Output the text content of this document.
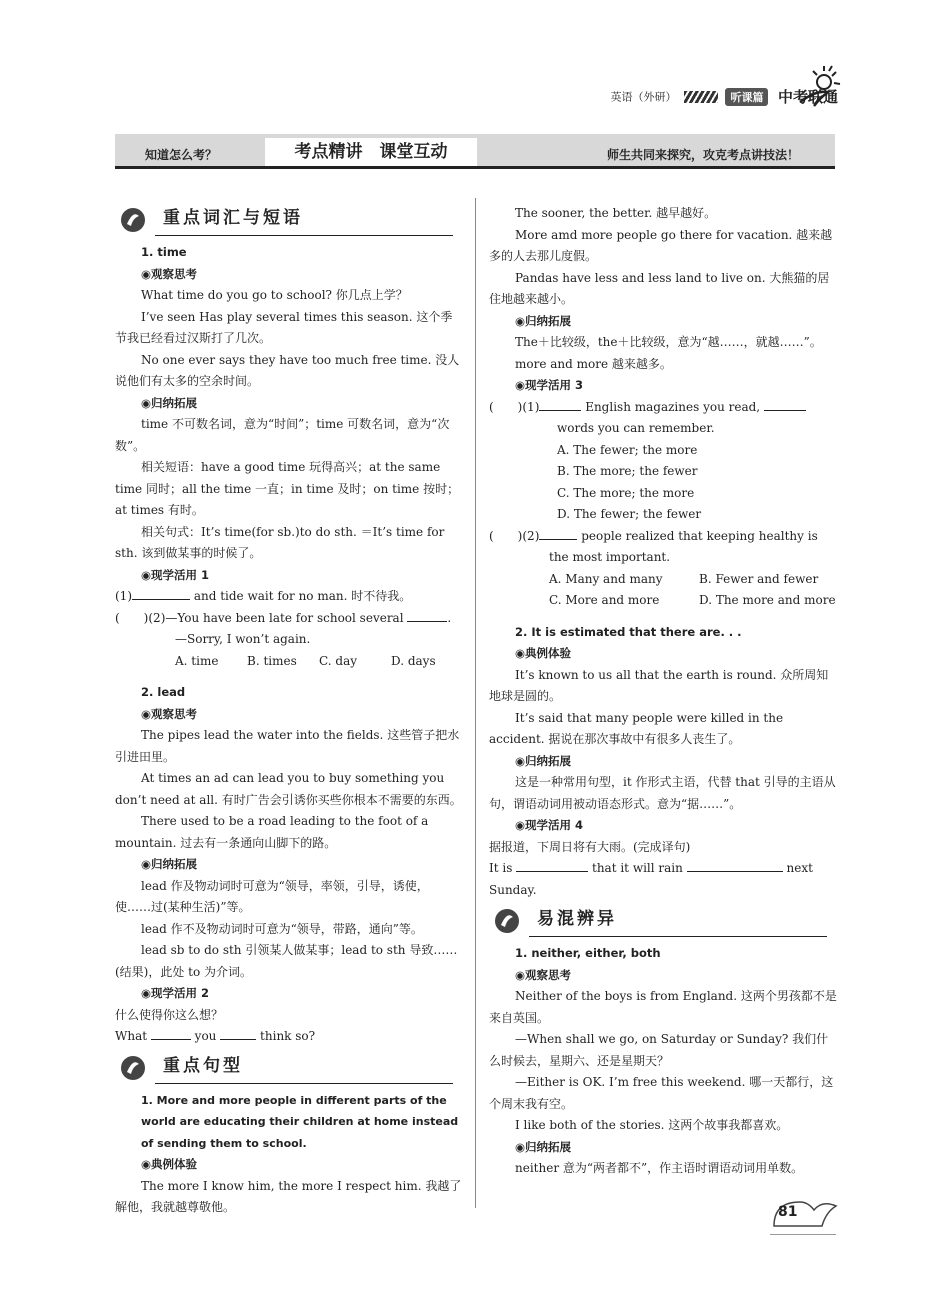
英语（外研）	听课篇 中考联通
知道怎么考？	考点精讲　课堂互动	师生共同来探究，攻克考点讲技法！
重点词汇与短语

1. time

◉观察思考

What time do you go to school? 你几点上学？

I’ve seen Has play several times this season. 这个季节我已经看过汉斯打了几次。

No one ever says they have too much free time. 没人说他们有太多的空余时间。

◉归纳拓展

time 不可数名词，意为“时间”；time 可数名词，意为“次数”。

相关短语：have a good time 玩得高兴；at the same time 同时；all the time 一直；in time 及时；on time 按时；at times 有时。

相关句式：It’s time(for sb.)to do sth. ＝It’s time for sth. 该到做某事的时候了。

◉现学活用 1

(1)	and tide wait for no man. 时不待我。

(　　)(2)—You have been late for school several	.

—Sorry, I won’t again.

A. time	B. times	C. day	D. days

2. lead

◉观察思考

The pipes lead the water into the fields. 这些管子把水引进田里。

At times an ad can lead you to buy something you don’t need at all. 有时广告会引诱你买些你根本不需要的东西。

There used to be a road leading to the foot of a mountain. 过去有一条通向山脚下的路。

◉归纳拓展

lead 作及物动词时可意为“领导，率领，引导，诱使，使……过(某种生活)”等。

lead 作不及物动词时可意为“领导，带路，通向”等。

lead sb to do sth 引领某人做某事；lead to sth 导致……(结果)，此处 to 为介词。

◉现学活用 2

什么使得你这么想？

What	you	think so?

重点句型

1. More and more people in different parts of the world are educating their children at home instead of sending them to school.

◉典例体验

The more I know him, the more I respect him. 我越了解他，我就越尊敬他。

The sooner, the better. 越早越好。

More amd more people go there for vacation. 越来越多的人去那儿度假。

Pandas have less and less land to live on. 大熊猫的居住地越来越小。

◉归纳拓展

The＋比较级，the＋比较级，意为“越……，就越……”。

more and more 越来越多。

◉现学活用 3

(　　)(1)	English magazines you read,

words you can remember.

A. The fewer; the more

B. The more; the fewer

C. The more; the more

D. The fewer; the fewer

(　　)(2)	people realized that keeping healthy is the most important.

A. Many and many	B. Fewer and fewer

C. More and more	D. The more and more

2. It is estimated that there are. . .

◉典例体验

It’s known to us all that the earth is round. 众所周知地球是圆的。

It’s said that many people were killed in the accident. 据说在那次事故中有很多人丧生了。

◉归纳拓展

这是一种常用句型，it 作形式主语，代替 that 引导的主语从句，谓语动词用被动语态形式。意为“据……”。

◉现学活用 4

据报道，下周日将有大雨。(完成译句)

It is	that it will rain	next Sunday.

易混辨异

1. neither, either, both

◉观察思考

Neither of the boys is from England. 这两个男孩都不是来自英国。

—When shall we go, on Saturday or Sunday? 我们什么时候去，星期六、还是星期天？

—Either is OK. I’m free this weekend. 哪一天都行，这个周末我有空。

I like both of the stories. 这两个故事我都喜欢。

◉归纳拓展

neither 意为“两者都不”，作主语时谓语动词用单数。

81
